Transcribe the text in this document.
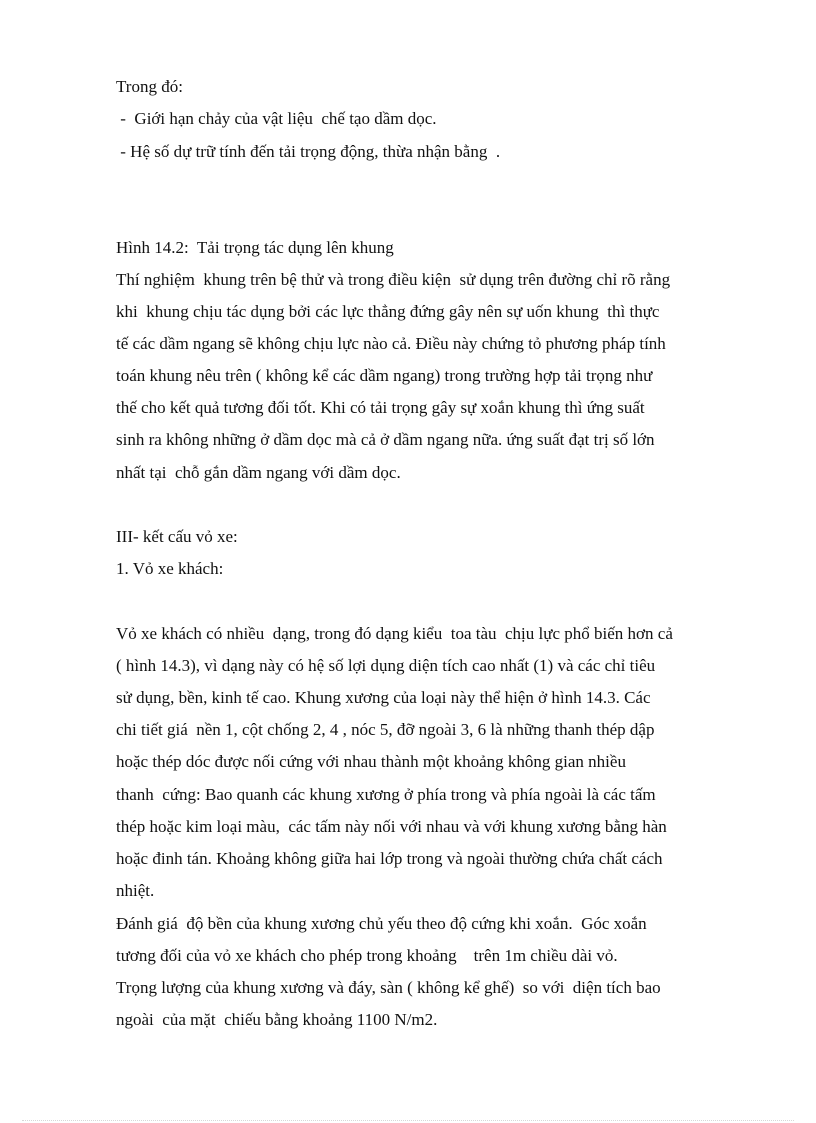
Trong đó:
-  Giới hạn chảy của vật liệu  chế tạo dầm dọc.
- Hệ số dự trữ tính đến tải trọng động, thừa nhận bằng  .
Hình 14.2:  Tải trọng tác dụng lên khung
Thí nghiệm  khung trên bệ thử và trong điều kiện  sử dụng trên đường chỉ rõ rằng
khi  khung chịu tác dụng bởi các lực thẳng đứng gây nên sự uốn khung  thì thực
tế các dầm ngang sẽ không chịu lực nào cả. Điều này chứng tỏ phương pháp tính
toán khung nêu trên ( không kể các dầm ngang) trong trường hợp tải trọng như
thế cho kết quả tương đối tốt. Khi có tải trọng gây sự xoắn khung thì ứng suất
sinh ra không những ở dầm dọc mà cả ở dầm ngang nữa. ứng suất đạt trị số lớn
nhất tại  chỗ gắn dầm ngang với dầm dọc.
III- kết cấu vỏ xe:
1. Vỏ xe khách:
Vỏ xe khách có nhiều  dạng, trong đó dạng kiểu  toa tàu  chịu lực phổ biến hơn cả
( hình 14.3), vì dạng này có hệ số lợi dụng diện tích cao nhất (1) và các chỉ tiêu
sử dụng, bền, kinh tế cao. Khung xương của loại này thể hiện ở hình 14.3. Các
chi tiết giá  nền 1, cột chống 2, 4 , nóc 5, đỡ ngoài 3, 6 là những thanh thép dập
hoặc thép dóc được nối cứng với nhau thành một khoảng không gian nhiều
thanh  cứng: Bao quanh các khung xương ở phía trong và phía ngoài là các tấm
thép hoặc kim loại màu,  các tấm này nối với nhau và với khung xương bằng hàn
hoặc đinh tán. Khoảng không giữa hai lớp trong và ngoài thường chứa chất cách
nhiệt.
Đánh giá  độ bền của khung xương chủ yếu theo độ cứng khi xoắn.  Góc xoắn
tương đối của vỏ xe khách cho phép trong khoảng    trên 1m chiều dài vỏ.
Trọng lượng của khung xương và đáy, sàn ( không kể ghế)  so với  diện tích bao
ngoài  của mặt  chiếu bằng khoảng 1100 N/m2.
